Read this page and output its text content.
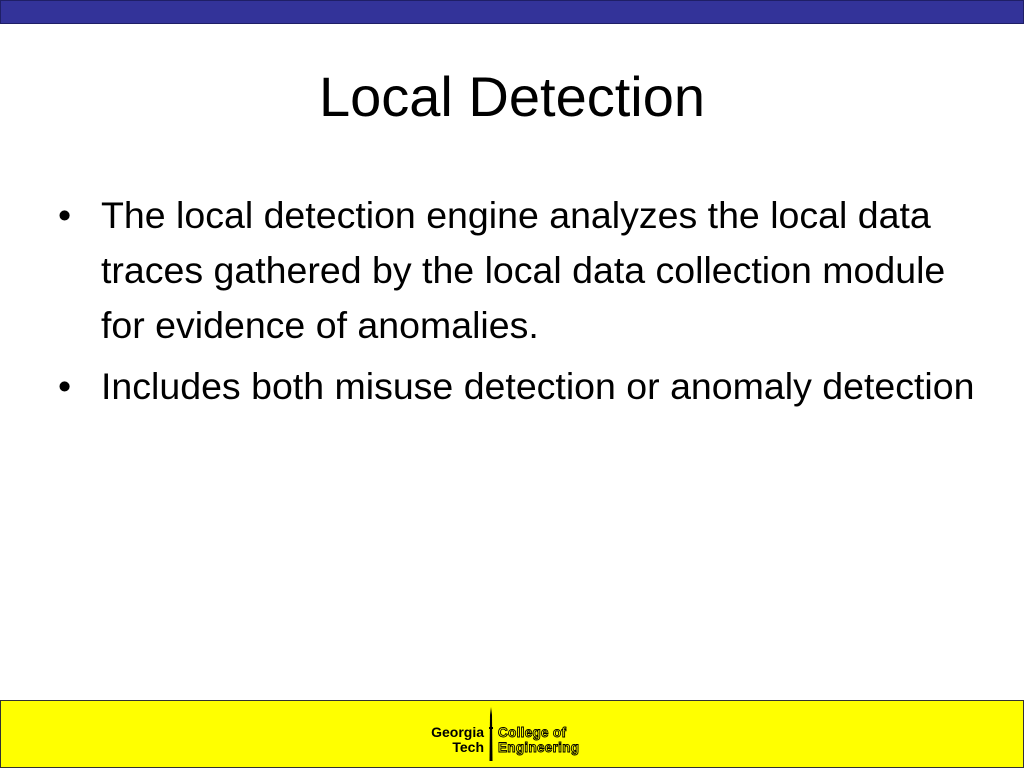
Local Detection
• The local detection engine analyzes the local data traces gathered by the local data collection module for evidence of anomalies.
• Includes both misuse detection or anomaly detection
Georgia
Tech
College of
Engineering
